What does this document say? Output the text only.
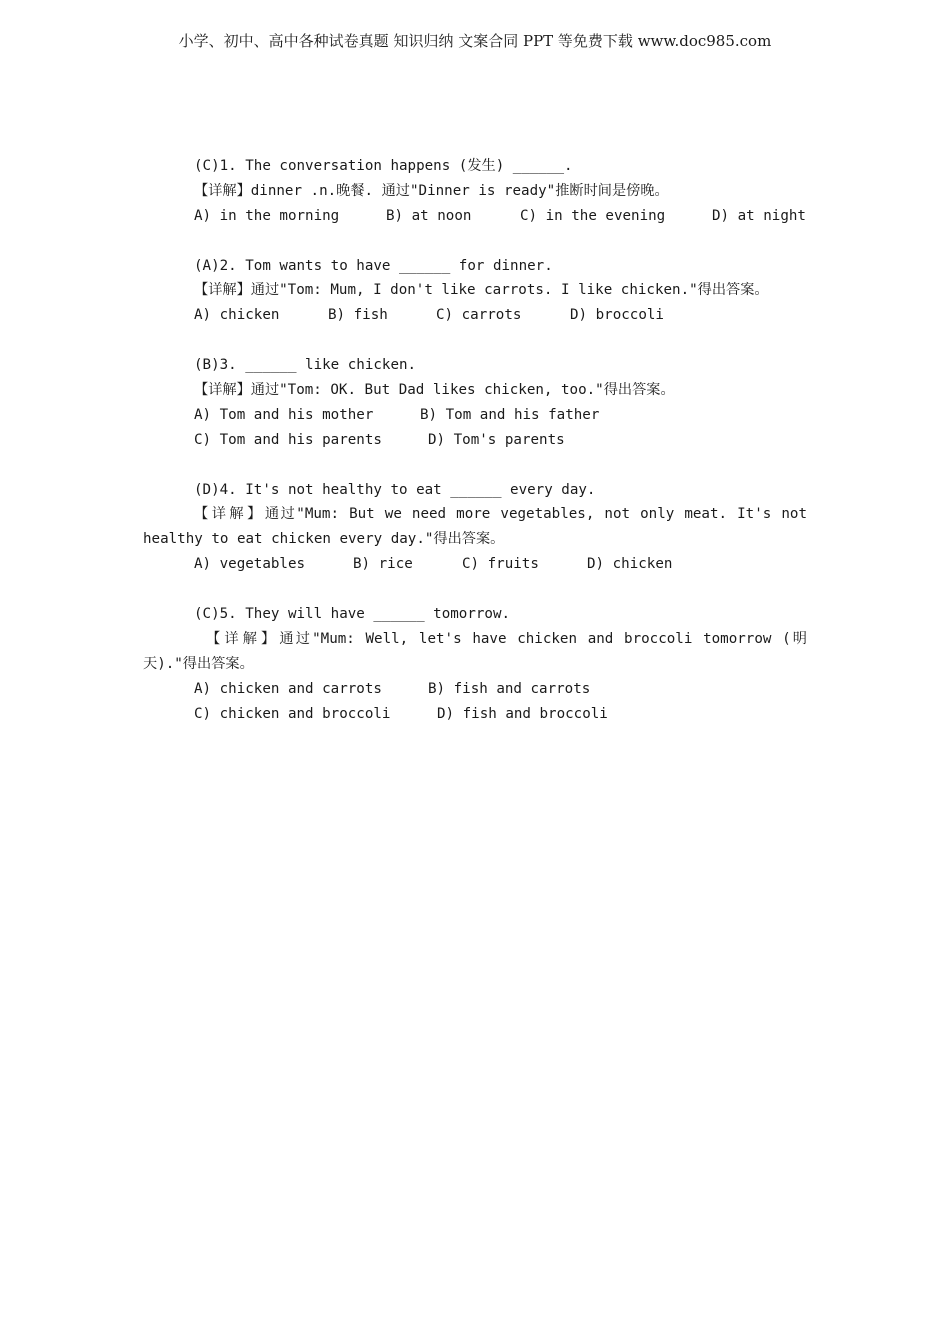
小学、初中、高中各种试卷真题 知识归纳 文案合同 PPT 等免费下载 www.doc985.com
(C)1. The conversation happens (发生) ______.
【详解】dinner .n.晚餐. 通过"Dinner is ready"推断时间是傍晚。
A) in the morning	B) at noon	C) in the evening	D) at night
(A)2. Tom wants to have ______ for dinner.
【详解】通过"Tom: Mum, I don't like carrots. I like chicken."得出答案。
A) chicken	B) fish	C) carrots	D) broccoli
(B)3. ______ like chicken.
【详解】通过"Tom: OK. But Dad likes chicken, too."得出答案。
A) Tom and his mother	B) Tom and his father
C) Tom and his parents	D) Tom's parents
(D)4. It's not healthy to eat ______ every day.
【详解】通过"Mum: But we need more vegetables, not only meat. It's not healthy to eat chicken every day."得出答案。
A) vegetables	B) rice	C) fruits	D) chicken
(C)5. They will have ______ tomorrow.
【详解】通过"Mum: Well, let's have chicken and broccoli tomorrow (明天)."得出答案。
A) chicken and carrots	B) fish and carrots
C) chicken and broccoli	D) fish and broccoli
